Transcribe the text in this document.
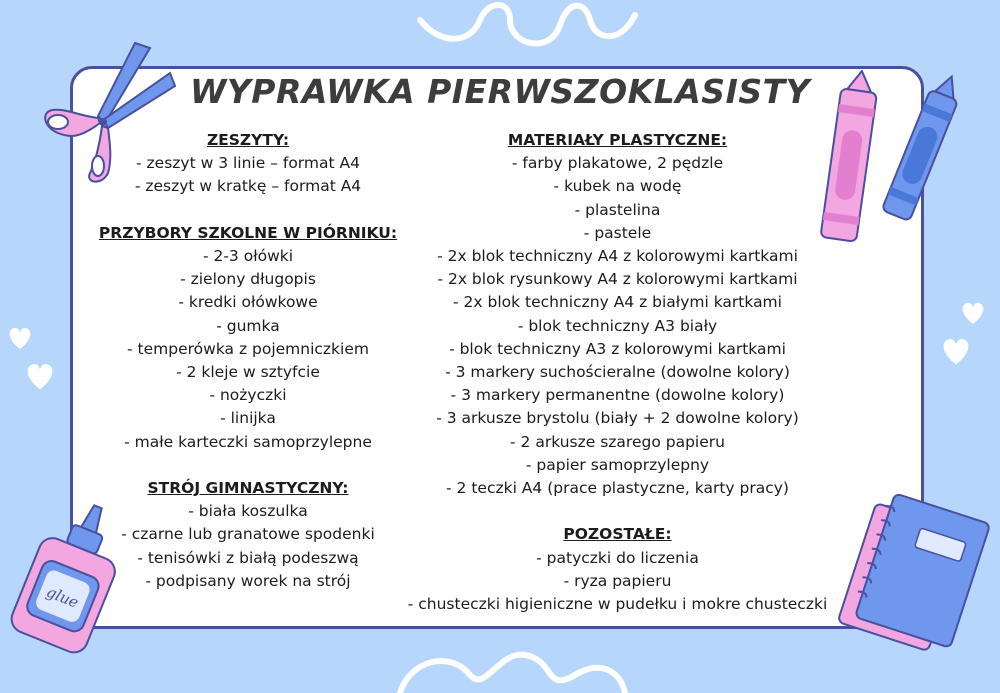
glue
WYPRAWKA PIERWSZOKLASISTY
ZESZYTY:
- zeszyt w 3 linie – format A4
- zeszyt w kratkę – format A4
PRZYBORY SZKOLNE W PIÓRNIKU:
- 2-3 ołówki
- zielony długopis
- kredki ołówkowe
- gumka
- temperówka z pojemniczkiem
- 2 kleje w sztyfcie
- nożyczki
- linijka
- małe karteczki samoprzylepne
STRÓJ GIMNASTYCZNY:
- biała koszulka
- czarne lub granatowe spodenki
- tenisówki z białą podeszwą
- podpisany worek na strój
MATERIAŁY PLASTYCZNE:
- farby plakatowe, 2 pędzle
- kubek na wodę
- plastelina
- pastele
- 2x blok techniczny A4 z kolorowymi kartkami
- 2x blok rysunkowy A4 z kolorowymi kartkami
- 2x blok techniczny A4 z białymi kartkami
- blok techniczny A3 biały
- blok techniczny A3 z kolorowymi kartkami
- 3 markery suchościeralne (dowolne kolory)
- 3 markery permanentne (dowolne kolory)
- 3 arkusze brystolu (biały + 2 dowolne kolory)
- 2 arkusze szarego papieru
- papier samoprzylepny
- 2 teczki A4 (prace plastyczne, karty pracy)
POZOSTAŁE:
- patyczki do liczenia
- ryza papieru
- chusteczki higieniczne w pudełku i mokre chusteczki
